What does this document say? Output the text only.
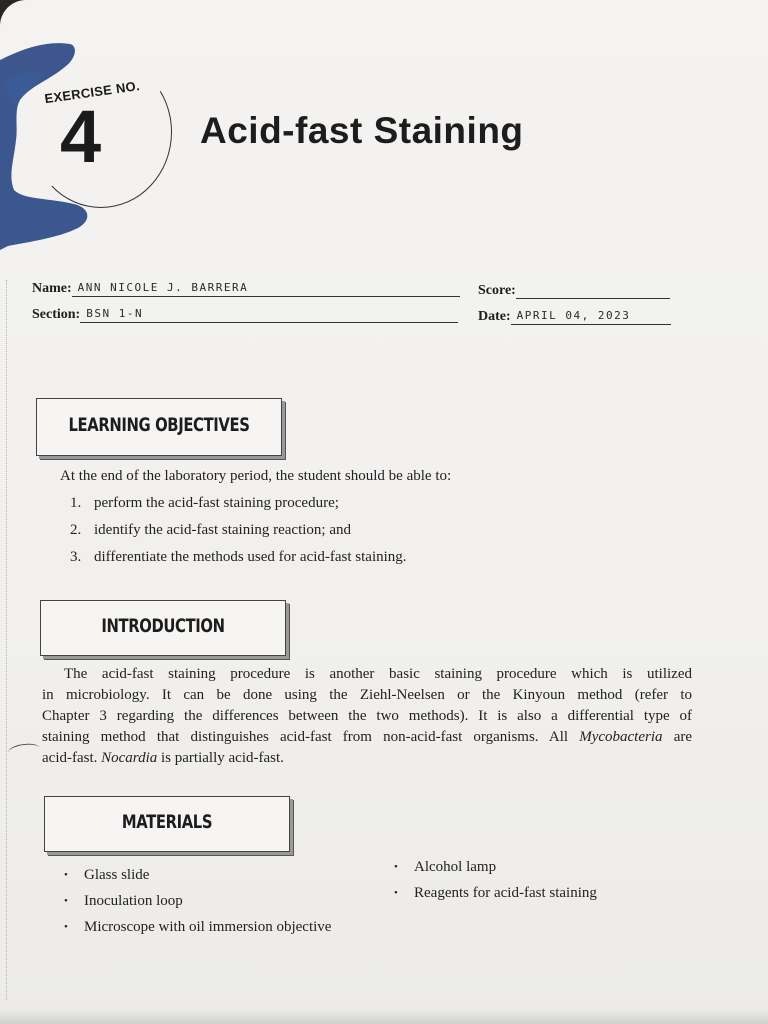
EXERCISE NO.
4	Acid-fast Staining
Name: ANN NICOLE J. BARRERA
Section: BSN 1-N
Score:
Date: APRIL 04, 2023
LEARNING OBJECTIVES
At the end of the laboratory period, the student should be able to:
1. perform the acid-fast staining procedure;
2. identify the acid-fast staining reaction; and
3. differentiate the methods used for acid-fast staining.
INTRODUCTION
The acid-fast staining procedure is another basic staining procedure which is utilized
in microbiology. It can be done using the Ziehl-Neelsen or the Kinyoun method (refer to
Chapter 3 regarding the differences between the two methods). It is also a differential type of
staining method that distinguishes acid-fast from non-acid-fast organisms. All Mycobacteria are
acid-fast. Nocardia is partially acid-fast.
MATERIALS
• Glass slide
• Inoculation loop
• Microscope with oil immersion objective
• Alcohol lamp
• Reagents for acid-fast staining
